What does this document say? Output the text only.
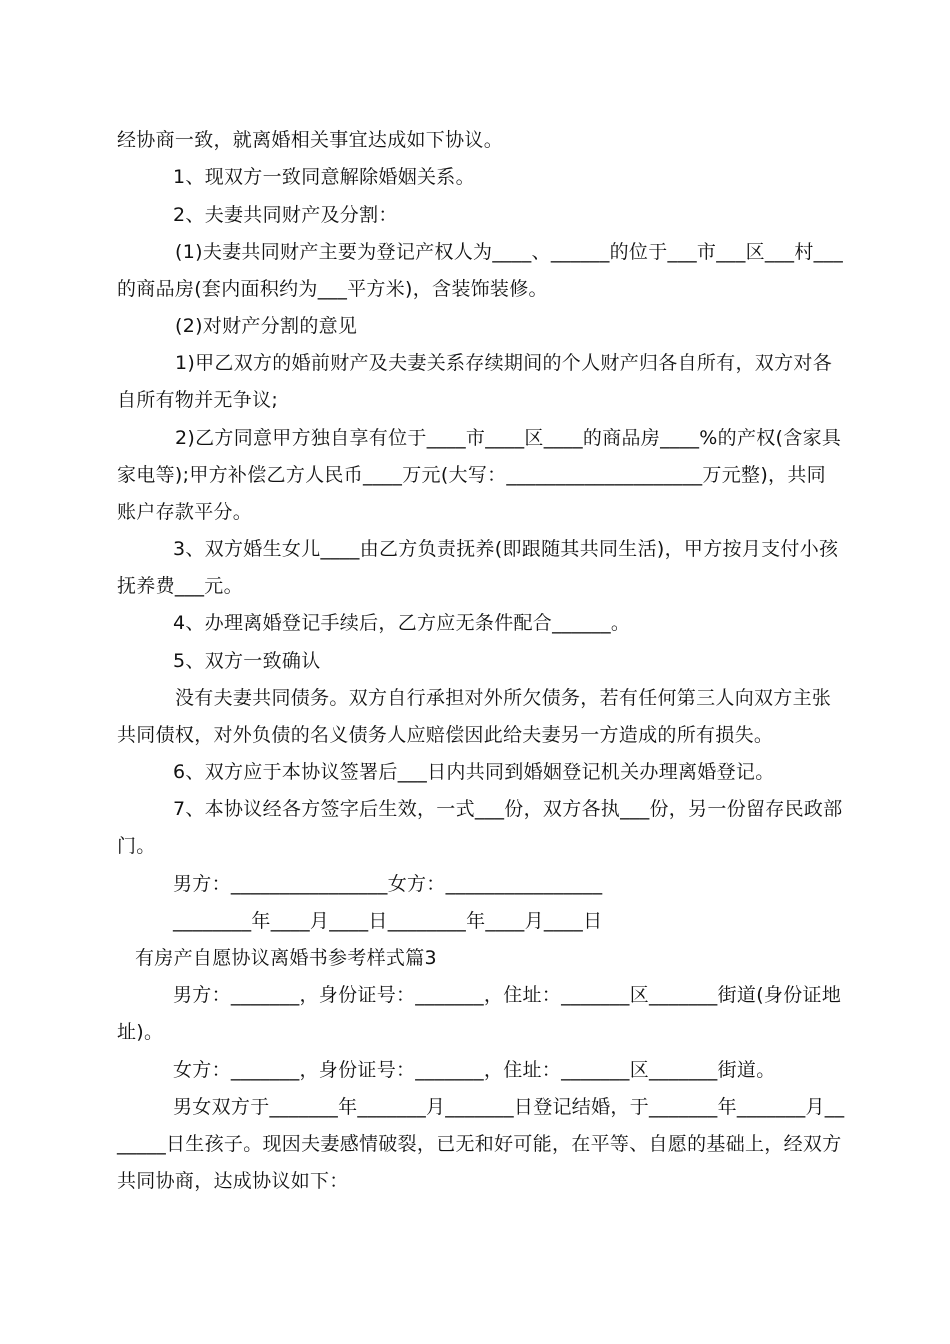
经协商一致，就离婚相关事宜达成如下协议。
1、现双方一致同意解除婚姻关系。
2、夫妻共同财产及分割：
(1)夫妻共同财产主要为登记产权人为____、______的位于___市___区___村___
的商品房(套内面积约为___平方米)，含装饰装修。
(2)对财产分割的意见
1)甲乙双方的婚前财产及夫妻关系存续期间的个人财产归各自所有，双方对各
自所有物并无争议;
2)乙方同意甲方独自享有位于____市____区____的商品房____%的产权(含家具
家电等);甲方补偿乙方人民币____万元(大写：____________________万元整)，共同
账户存款平分。
3、双方婚生女儿____由乙方负责抚养(即跟随其共同生活)，甲方按月支付小孩
抚养费___元。
4、办理离婚登记手续后，乙方应无条件配合______。
5、双方一致确认
没有夫妻共同债务。双方自行承担对外所欠债务，若有任何第三人向双方主张
共同债权，对外负债的名义债务人应赔偿因此给夫妻另一方造成的所有损失。
6、双方应于本协议签署后___日内共同到婚姻登记机关办理离婚登记。
7、本协议经各方签字后生效，一式___份，双方各执___份，另一份留存民政部
门。
男方：________________女方：________________
________年____月____日________年____月____日
有房产自愿协议离婚书参考样式篇3
男方：_______，身份证号：_______，住址：_______区_______街道(身份证地
址)。
女方：_______，身份证号：_______，住址：_______区_______街道。
男女双方于_______年_______月_______日登记结婚，于_______年_______月__
_____日生孩子。现因夫妻感情破裂，已无和好可能，在平等、自愿的基础上，经双方
共同协商，达成协议如下：
